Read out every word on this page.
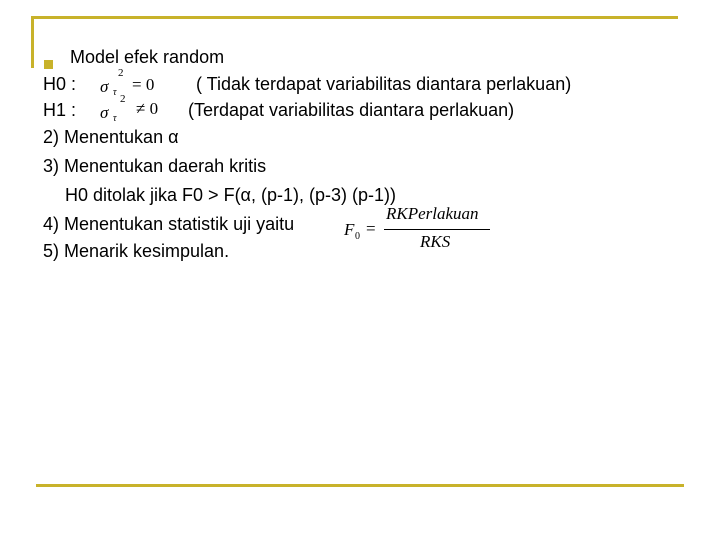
Model efek random
H0 : σ
2
τ = 0 ( Tidak terdapat variabilitas diantara perlakuan)
H1 : σ
2
τ
≠ 0 (Terdapat variabilitas diantara perlakuan)
2) Menentukan α
3) Menentukan daerah kritis
H0 ditolak jika F0 > F(α, (p-1), (p-3) (p-1))
4) Menentukan statistik uji yaitu	F 0 =
RKPerlakuan
RKS
5) Menarik kesimpulan.
